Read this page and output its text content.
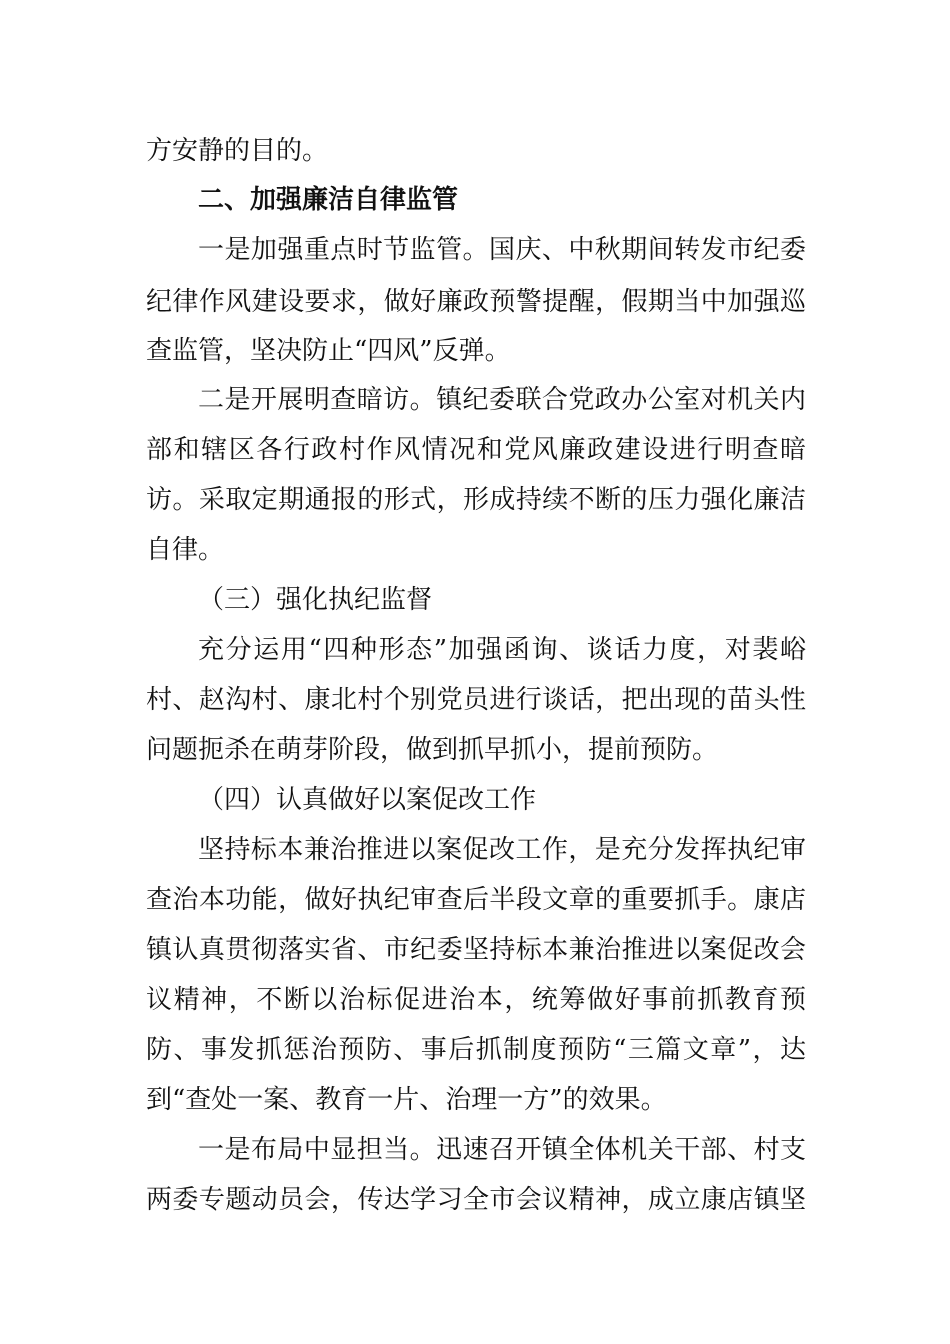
方安静的目的。
二、加强廉洁自律监管
一是加强重点时节监管。国庆、中秋期间转发市纪委
纪律作风建设要求，做好廉政预警提醒，假期当中加强巡
查监管，坚决防止“四风”反弹。
二是开展明查暗访。镇纪委联合党政办公室对机关内
部和辖区各行政村作风情况和党风廉政建设进行明查暗
访。采取定期通报的形式，形成持续不断的压力强化廉洁
自律。
（三）强化执纪监督
充分运用“四种形态”加强函询、谈话力度，对裴峪
村、赵沟村、康北村个别党员进行谈话，把出现的苗头性
问题扼杀在萌芽阶段，做到抓早抓小，提前预防。
（四）认真做好以案促改工作
坚持标本兼治推进以案促改工作，是充分发挥执纪审
查治本功能，做好执纪审查后半段文章的重要抓手。康店
镇认真贯彻落实省、市纪委坚持标本兼治推进以案促改会
议精神，不断以治标促进治本，统筹做好事前抓教育预
防、事发抓惩治预防、事后抓制度预防“三篇文章”，达
到“查处一案、教育一片、治理一方”的效果。
一是布局中显担当。迅速召开镇全体机关干部、村支
两委专题动员会，传达学习全市会议精神，成立康店镇坚
